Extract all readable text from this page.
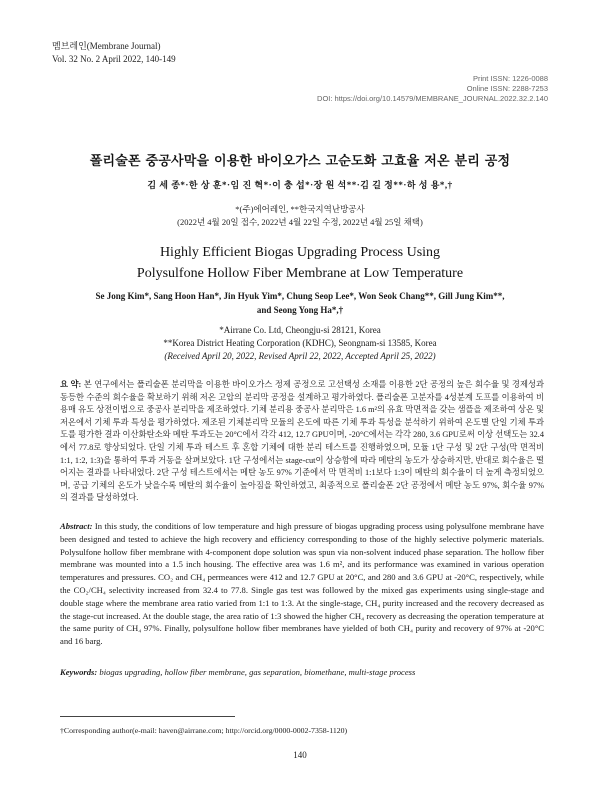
멤브레인(Membrane Journal)
Vol. 32 No. 2 April 2022, 140-149
Print ISSN: 1226-0088
Online ISSN: 2288-7253
DOI: https://doi.org/10.14579/MEMBRANE_JOURNAL.2022.32.2.140
폴리술폰 중공사막을 이용한 바이오가스 고순도화 고효율 저온 분리 공정
김 세 종*·한 상 훈*·임 진 혁*·이 충 섭*·장 원 석**·김 길 정**·하 성 용*,†
*(주)에어레인, **한국지역난방공사
(2022년 4월 20일 접수, 2022년 4월 22일 수정, 2022년 4월 25일 채택)
Highly Efficient Biogas Upgrading Process Using
Polysulfone Hollow Fiber Membrane at Low Temperature
Se Jong Kim*, Sang Hoon Han*, Jin Hyuk Yim*, Chung Seop Lee*, Won Seok Chang**, Gill Jung Kim**,
and Seong Yong Ha*,†
*Airrane Co. Ltd, Cheongju-si 28121, Korea
**Korea District Heating Corporation (KDHC), Seongnam-si 13585, Korea
(Received April 20, 2022, Revised April 22, 2022, Accepted April 25, 2022)
요 약: 본 연구에서는 폴리술폰 분리막을 이용한 바이오가스 정제 공정으로 고선택성 소재를 이용한 2단 공정의 높은 회수율 및 경제성과 동등한 수준의 회수율을 확보하기 위해 저온 고압의 분리막 공정을 설계하고 평가하였다. 폴리술폰 고분자를 4성분계 도프를 이용하여 비용매 유도 상전이법으로 중공사 분리막을 제조하였다. 기체 분리용 중공사 분리막은 1.6 m²의 유효 막면적을 갖는 샘플을 제조하여 상온 및 저온에서 기체 투과 특성을 평가하였다. 제조된 기체분리막 모듈의 온도에 따른 기체 투과 특성을 분석하기 위하여 온도별 단일 기체 투과도를 평가한 결과 이산화탄소와 메탄 투과도는 20°C에서 각각 412, 12.7 GPU이며, -20°C에서는 각각 280, 3.6 GPU로써 이상 선택도는 32.4에서 77.8로 향상되었다. 단일 기체 투과 테스트 후 혼합 기체에 대한 분리 테스트를 진행하였으며, 모듈 1단 구성 및 2단 구성(막 면적비 1:1, 1:2, 1:3)을 통하여 투과 거동을 살펴보았다. 1단 구성에서는 stage-cut이 상승함에 따라 메탄의 농도가 상승하지만, 반대로 회수율은 떨어지는 결과를 나타내었다. 2단 구성 테스트에서는 메탄 농도 97% 기준에서 막 면적비 1:1보다 1:3이 메탄의 회수율이 더 높게 측정되었으며, 공급 기체의 온도가 낮을수록 메탄의 회수율이 높아짐을 확인하였고, 최종적으로 폴리술폰 2단 공정에서 메탄 농도 97%, 회수율 97%의 결과를 달성하였다.
Abstract: In this study, the conditions of low temperature and high pressure of biogas upgrading process using polysulfone membrane have been designed and tested to achieve the high recovery and efficiency corresponding to those of the highly selective polymeric materials. Polysulfone hollow fiber membrane with 4-component dope solution was spun via non-solvent induced phase separation. The hollow fiber membrane was mounted into a 1.5 inch housing. The effective area was 1.6 m², and its performance was examined in various operation temperatures and pressures. CO₂ and CH₄ permeances were 412 and 12.7 GPU at 20°C, and 280 and 3.6 GPU at -20°C, respectively, while the CO₂/CH₄ selectivity increased from 32.4 to 77.8. Single gas test was followed by the mixed gas experiments using single-stage and double stage where the membrane area ratio varied from 1:1 to 1:3. At the single-stage, CH₄ purity increased and the recovery decreased as the stage-cut increased. At the double stage, the area ratio of 1:3 showed the higher CH₄ recovery as decreasing the operation temperature at the same purity of CH₄ 97%. Finally, polysulfone hollow fiber membranes have yielded of both CH₄ purity and recovery of 97% at -20°C and 16 barg.
Keywords: biogas upgrading, hollow fiber membrane, gas separation, biomethane, multi-stage process
†Corresponding author(e-mail: haven@airrane.com; http://orcid.org/0000-0002-7358-1120)
140
